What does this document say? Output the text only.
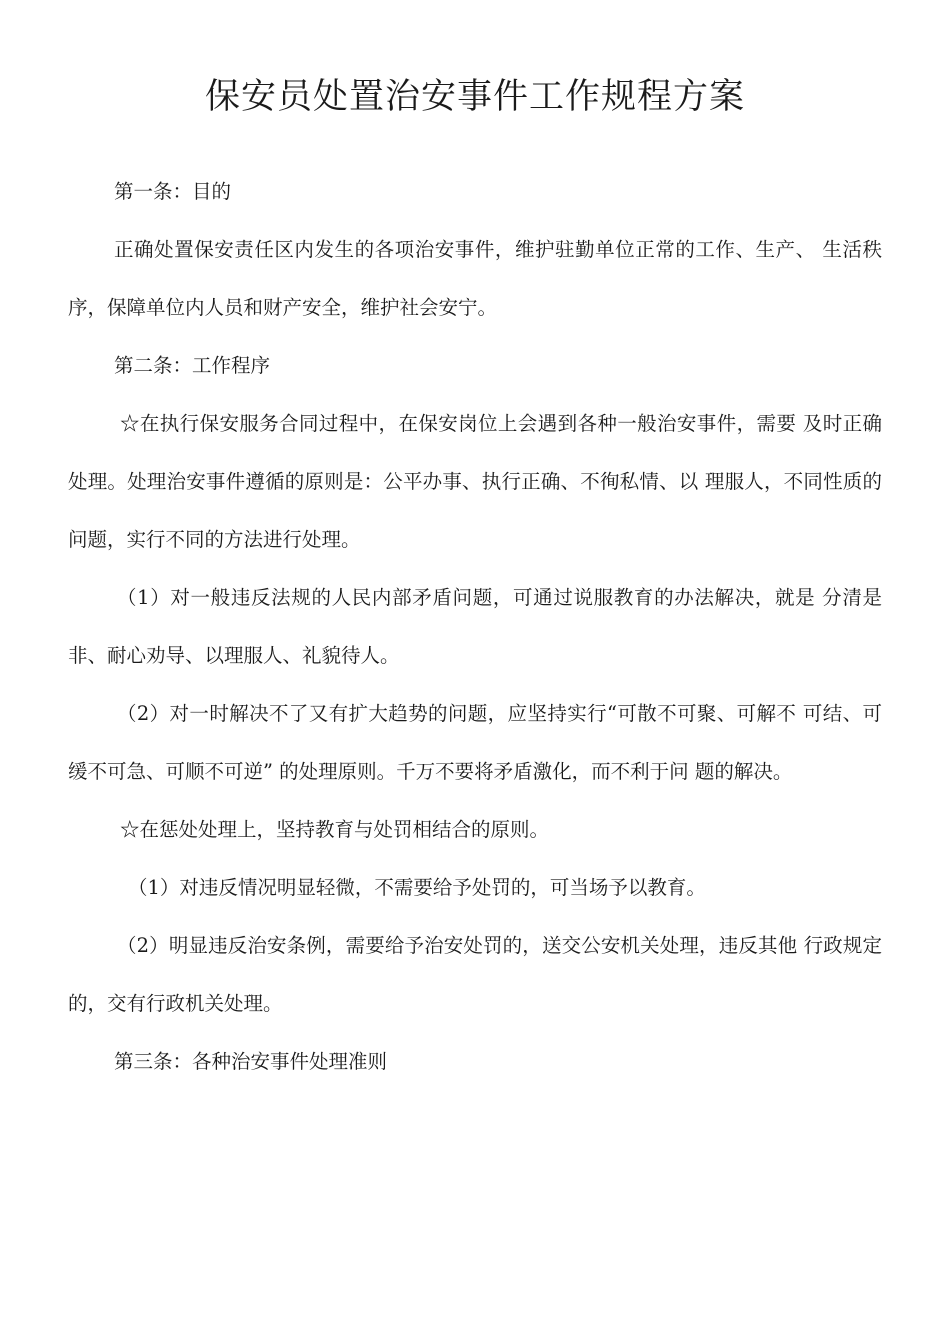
保安员处置治安事件工作规程方案

第一条：目的

正确处置保安责任区内发生的各项治安事件，维护驻勤单位正常的工作、生产、 生活秩序，保障单位内人员和财产安全，维护社会安宁。

第二条：工作程序

☆在执行保安服务合同过程中，在保安岗位上会遇到各种一般治安事件，需要 及时正确处理。处理治安事件遵循的原则是：公平办事、执行正确、不徇私情、以 理服人，不同性质的问题，实行不同的方法进行处理。

（1）对一般违反法规的人民内部矛盾问题，可通过说服教育的办法解决，就是 分清是非、耐心劝导、以理服人、礼貌待人。

（2）对一时解决不了又有扩大趋势的问题，应坚持实行“可散不可聚、可解不 可结、可缓不可急、可顺不可逆” 的处理原则。千万不要将矛盾激化，而不利于问 题的解决。

☆在惩处处理上，坚持教育与处罚相结合的原则。

（1）对违反情况明显轻微，不需要给予处罚的，可当场予以教育。

（2）明显违反治安条例，需要给予治安处罚的，送交公安机关处理，违反其他 行政规定的，交有行政机关处理。

第三条：各种治安事件处理准则
